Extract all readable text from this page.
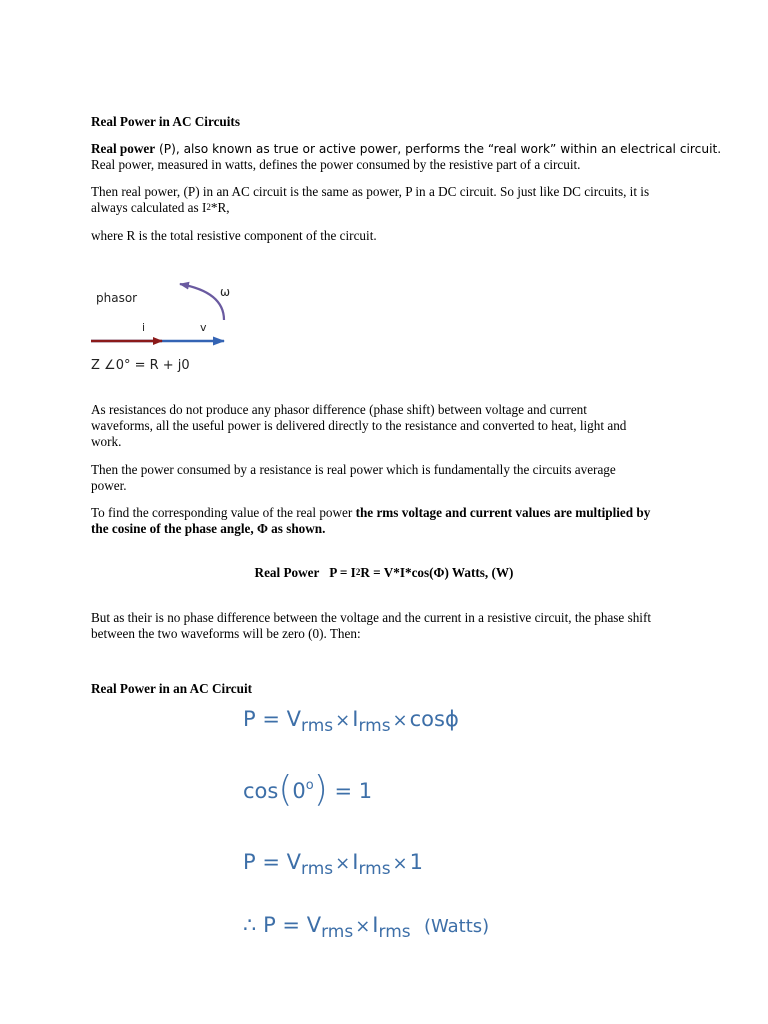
Real Power in AC Circuits
Real power (P), also known as true or active power, performs the “real work” within an electrical circuit.
Real power, measured in watts, defines the power consumed by the resistive part of a circuit.
Then real power, (P) in an AC circuit is the same as power, P in a DC circuit. So just like DC circuits, it is
always calculated as $I^2*R$,
where R is the total resistive component of the circuit.
phasor	ω
i	v
Z ∠0° = R + j0
As resistances do not produce any phasor difference (phase shift) between voltage and current
waveforms, all the useful power is delivered directly to the resistance and converted to heat, light and
work.
Then the power consumed by a resistance is real power which is fundamentally the circuits average
power.
To find the corresponding value of the real power the rms voltage and current values are multiplied by
the cosine of the phase angle, Φ as shown.
Real Power $P = I^2R = V*I*\cos(\Phi)$ Watts, (W)
But as their is no phase difference between the voltage and the current in a resistive circuit, the phase shift
between the two waveforms will be zero (0). Then:
Real Power in an AC Circuit
$P = V_{rms} \times I_{rms} \times\cos\phi$
$\cos(0^o) = 1$
$P = V_{rms} \times I_{rms} \times 1$
∴ $P = V_{rms} \times I_{rms}$ (Watts)
